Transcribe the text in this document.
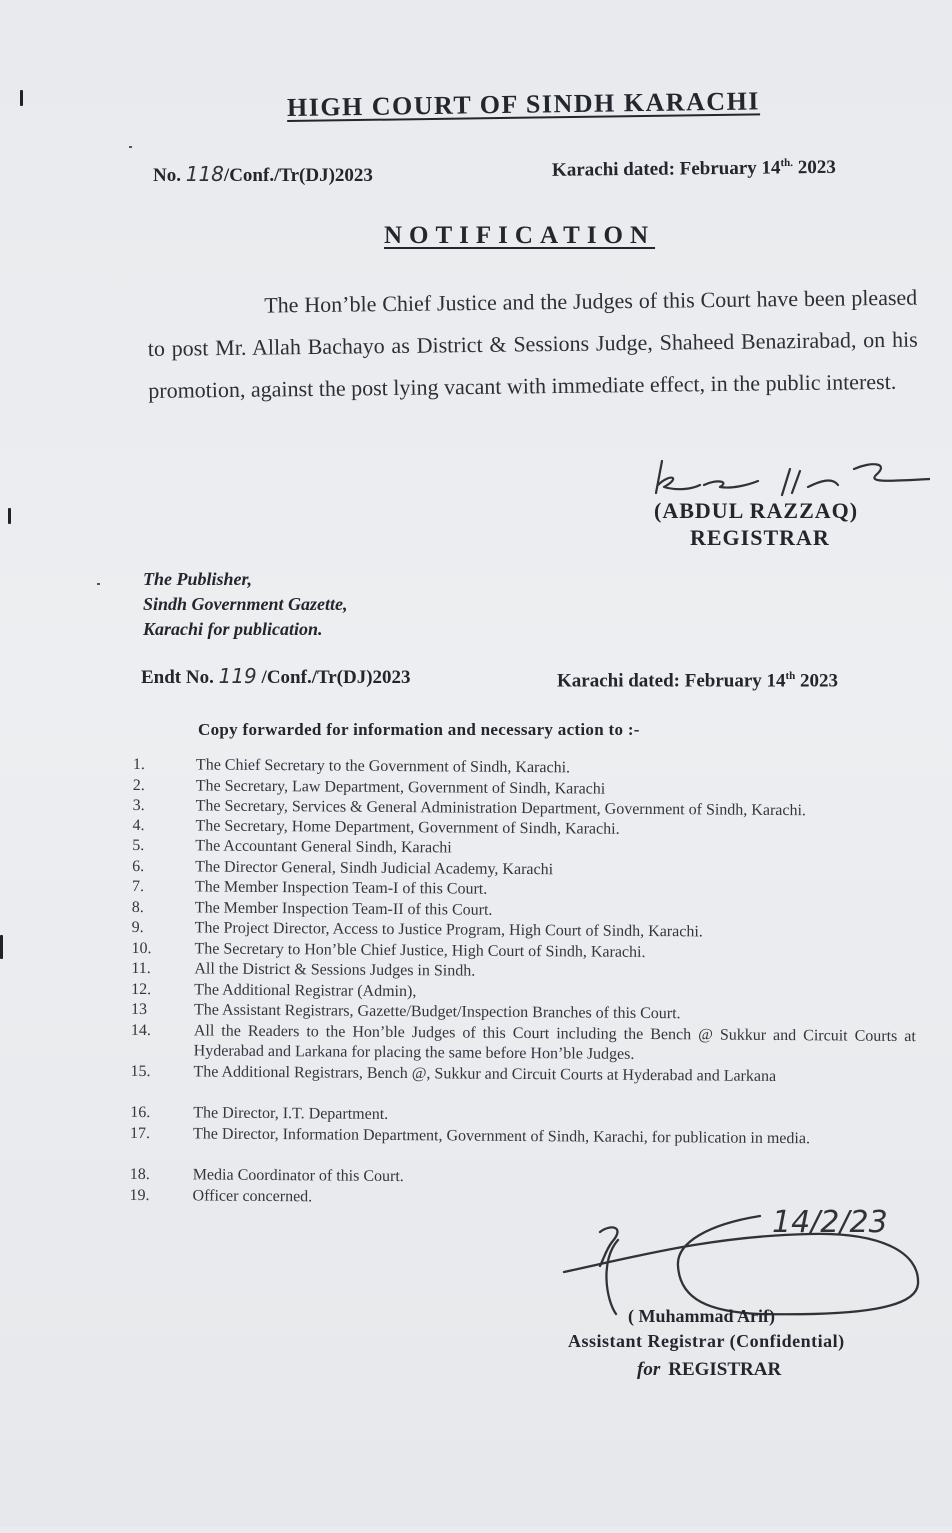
HIGH COURT OF SINDH KARACHI
No. 118/Conf./Tr(DJ)2023	Karachi dated: February $14^{th.}$ 2023
NOTIFICATION
The Hon’ble Chief Justice and the Judges of this Court have been pleased to post Mr. Allah Bachayo as District & Sessions Judge, Shaheed Benazirabad, on his promotion, against the post lying vacant with immediate effect, in the public interest.
(ABDUL RAZZAQ)
REGISTRAR
The Publisher,
Sindh Government Gazette,
Karachi for publication.
Endt No. 119 /Conf./Tr(DJ)2023	Karachi dated: February 14th 2023
Copy forwarded for information and necessary action to :-
1.	The Chief Secretary to the Government of Sindh, Karachi.
2.	The Secretary, Law Department, Government of Sindh, Karachi
3.	The Secretary, Services & General Administration Department, Government of Sindh, Karachi.
4.	The Secretary, Home Department, Government of Sindh, Karachi.
5.	The Accountant General Sindh, Karachi
6.	The Director General, Sindh Judicial Academy, Karachi
7.	The Member Inspection Team-I of this Court.
8.	The Member Inspection Team-II of this Court.
9.	The Project Director, Access to Justice Program, High Court of Sindh, Karachi.
10.	The Secretary to Hon’ble Chief Justice, High Court of Sindh, Karachi.
11.	All the District & Sessions Judges in Sindh.
12.	The Additional Registrar (Admin),
13	The Assistant Registrars, Gazette/Budget/Inspection Branches of this Court.
14.	All the Readers to the Hon’ble Judges of this Court including the Bench @ Sukkur and Circuit Courts at Hyderabad and Larkana for placing the same before Hon’ble Judges.
15.	The Additional Registrars, Bench @, Sukkur and Circuit Courts at Hyderabad and Larkana
16.	The Director, I.T. Department.
17.	The Director, Information Department, Government of Sindh, Karachi, for publication in media.
18.	Media Coordinator of this Court.
19.	Officer concerned.
14/2/23
( Muhammad Arif)
Assistant Registrar (Confidential)
for REGISTRAR
